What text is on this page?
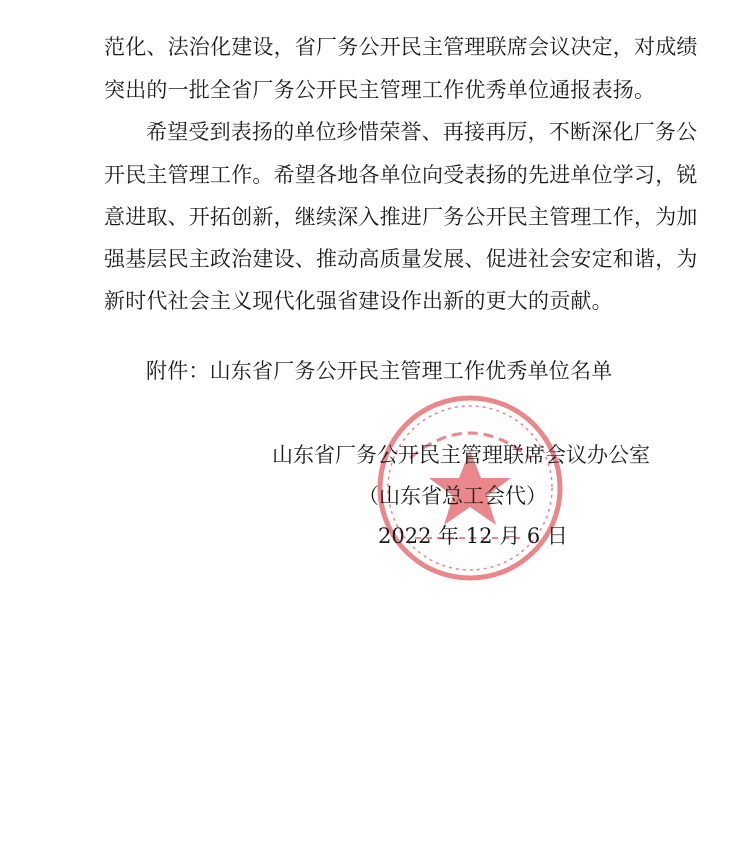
范化、法治化建设，省厂务公开民主管理联席会议决定，对成绩
突出的一批全省厂务公开民主管理工作优秀单位通报表扬。
希望受到表扬的单位珍惜荣誉、再接再厉，不断深化厂务公
开民主管理工作。希望各地各单位向受表扬的先进单位学习，锐
意进取、开拓创新，继续深入推进厂务公开民主管理工作，为加
强基层民主政治建设、推动高质量发展、促进社会安定和谐，为
新时代社会主义现代化强省建设作出新的更大的贡献。
附件：山东省厂务公开民主管理工作优秀单位名单
山东省厂务公开民主管理联席会议办公室
（山东省总工会代）
2022 年 12 月 6 日
